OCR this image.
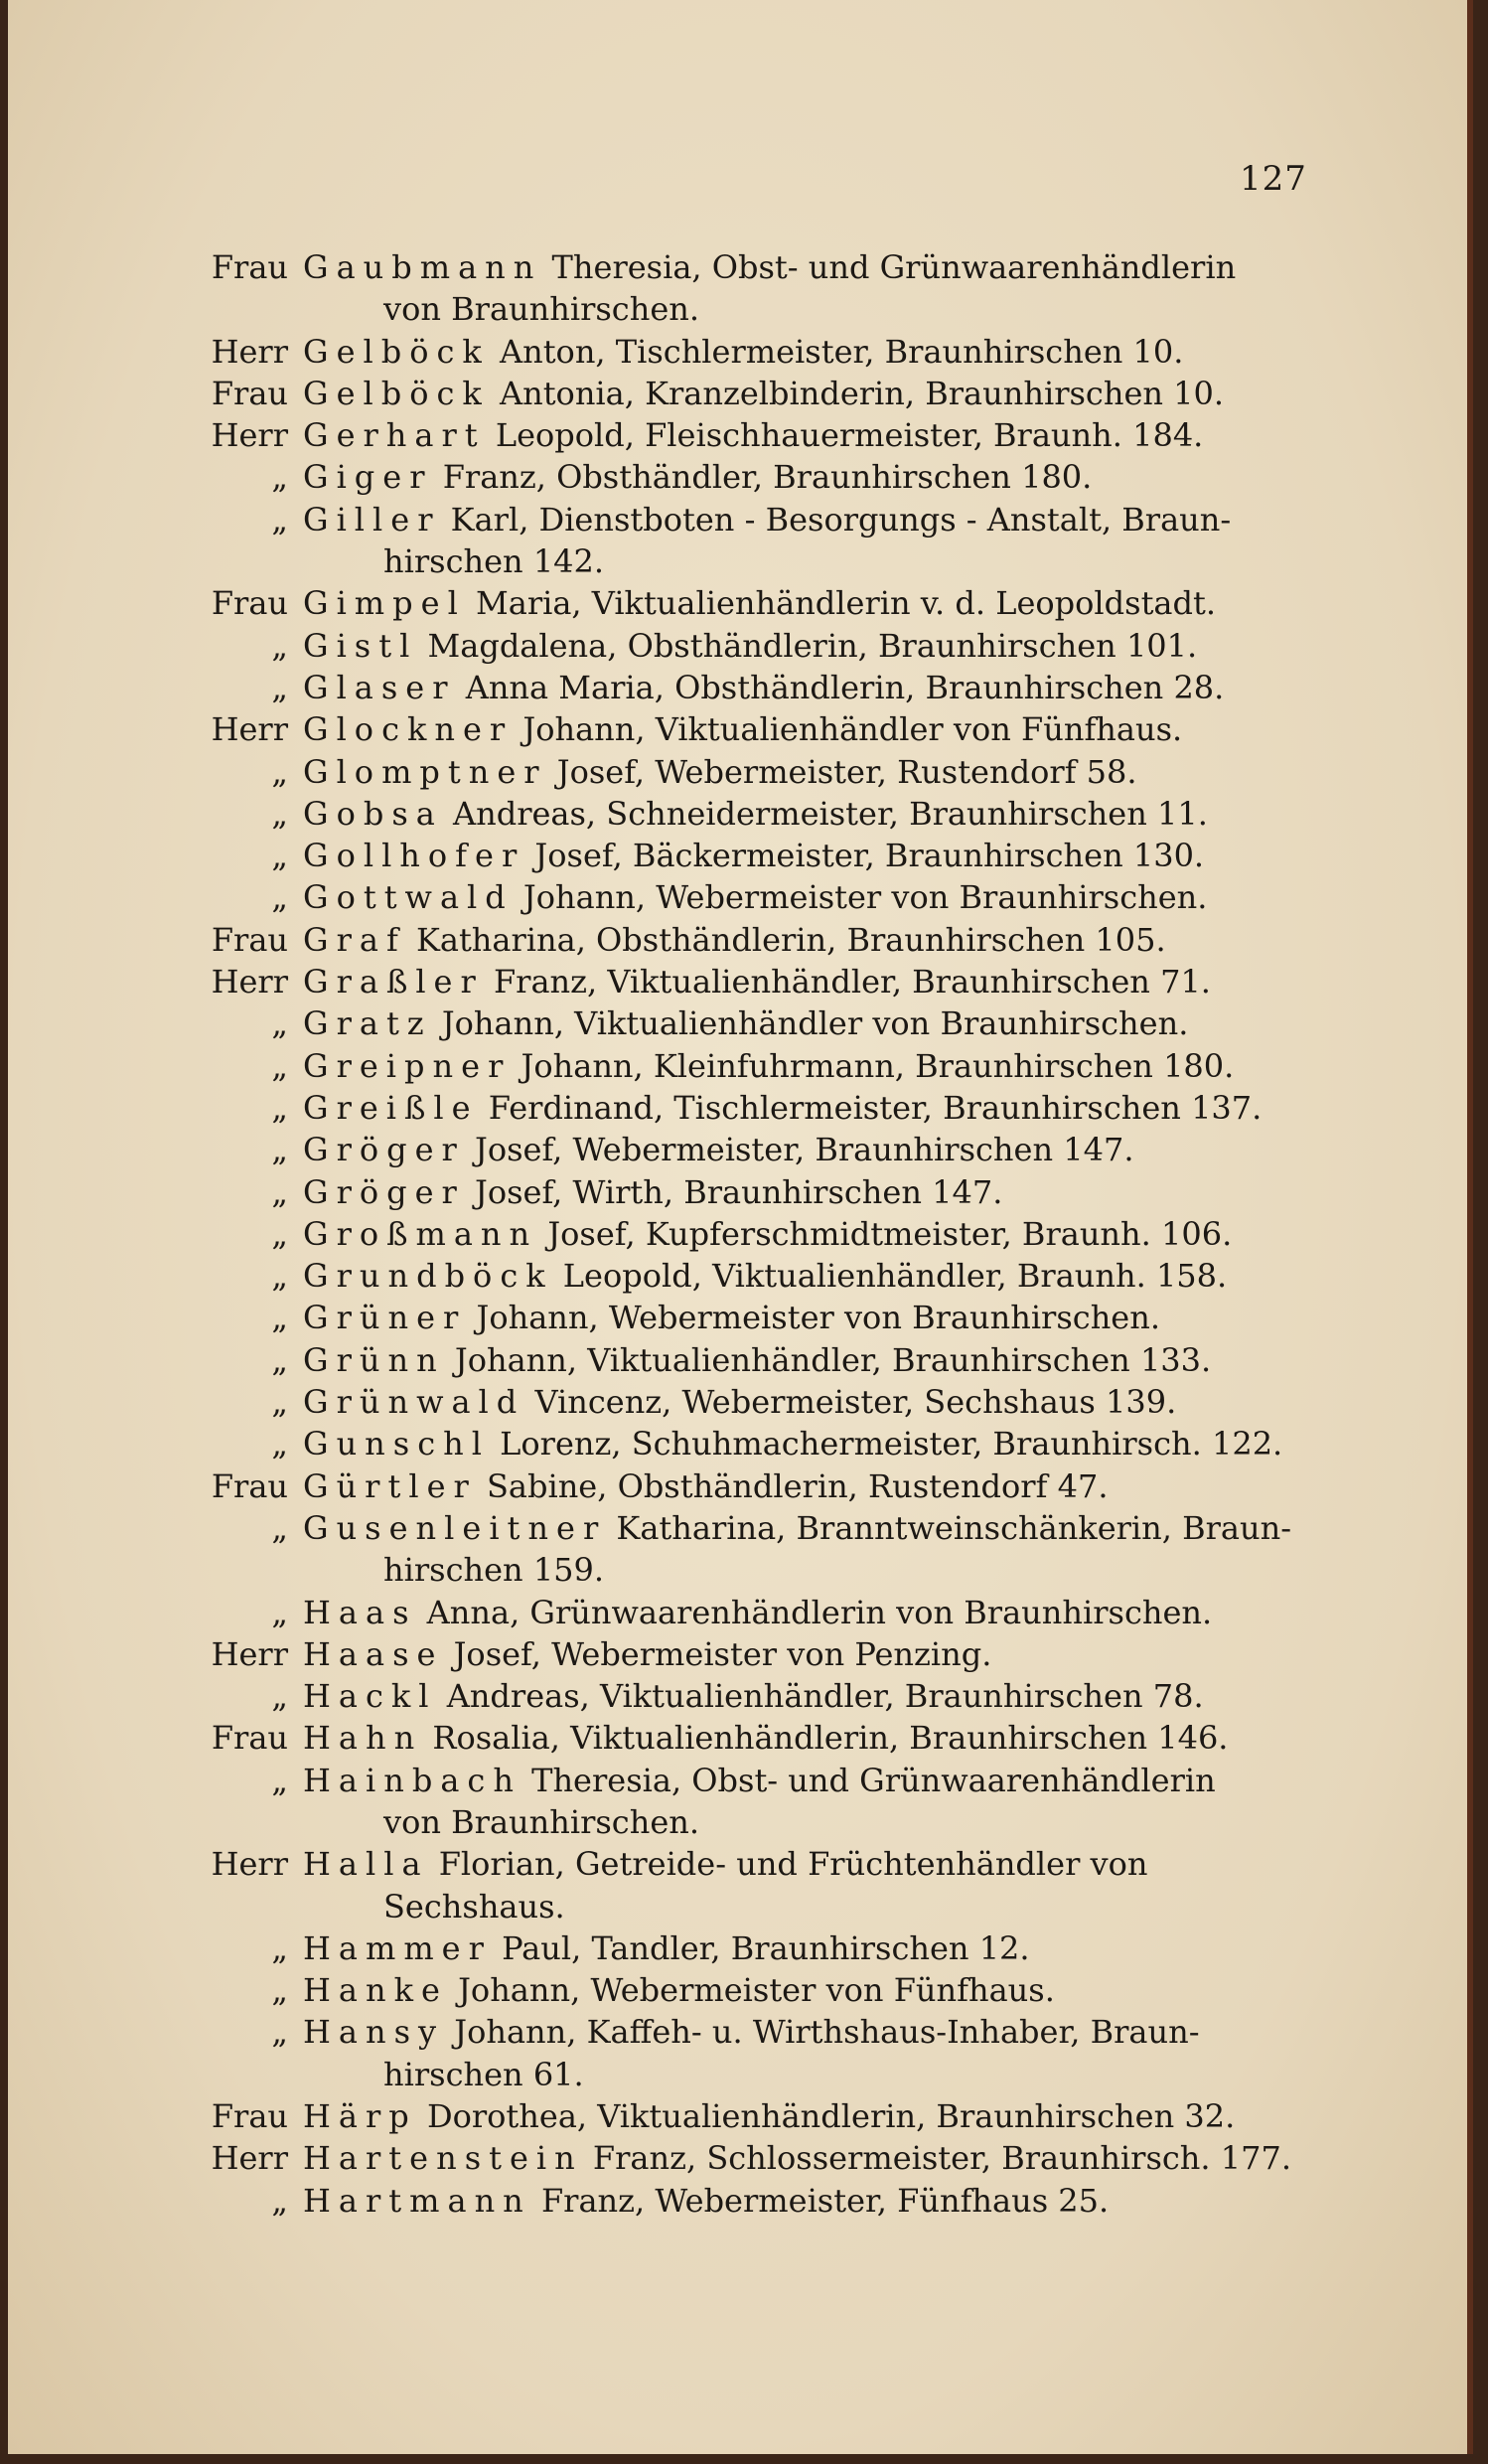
127
Frau Gaubmann Theresia, Obst- und Grünwaarenhändlerin
von Braunhirschen.
Herr Gelböck Anton, Tischlermeister, Braunhirschen 10.
Frau Gelböck Antonia, Kranzelbinderin, Braunhirschen 10.
Herr Gerhart Leopold, Fleischhauermeister, Braunh. 184.
„ Giger Franz, Obsthändler, Braunhirschen 180.
„ Giller Karl, Dienstboten - Besorgungs - Anstalt, Braun-
hirschen 142.
Frau Gimpel Maria, Viktualienhändlerin v. d. Leopoldstadt.
„ Gistl Magdalena, Obsthändlerin, Braunhirschen 101.
„ Glaser Anna Maria, Obsthändlerin, Braunhirschen 28.
Herr Glockner Johann, Viktualienhändler von Fünfhaus.
„ Glomptner Josef, Webermeister, Rustendorf 58.
„ Gobsa Andreas, Schneidermeister, Braunhirschen 11.
„ Gollhofer Josef, Bäckermeister, Braunhirschen 130.
„ Gottwald Johann, Webermeister von Braunhirschen.
Frau Graf Katharina, Obsthändlerin, Braunhirschen 105.
Herr Graßler Franz, Viktualienhändler, Braunhirschen 71.
„ Gratz Johann, Viktualienhändler von Braunhirschen.
„ Greipner Johann, Kleinfuhrmann, Braunhirschen 180.
„ Greißle Ferdinand, Tischlermeister, Braunhirschen 137.
„ Gröger Josef, Webermeister, Braunhirschen 147.
„ Gröger Josef, Wirth, Braunhirschen 147.
„ Großmann Josef, Kupferschmidtmeister, Braunh. 106.
„ Grundböck Leopold, Viktualienhändler, Braunh. 158.
„ Grüner Johann, Webermeister von Braunhirschen.
„ Grünn Johann, Viktualienhändler, Braunhirschen 133.
„ Grünwald Vincenz, Webermeister, Sechshaus 139.
„ Gunschl Lorenz, Schuhmachermeister, Braunhirsch. 122.
Frau Gürtler Sabine, Obsthändlerin, Rustendorf 47.
„ Gusenleitner Katharina, Branntweinschänkerin, Braun-
hirschen 159.
„ Haas Anna, Grünwaarenhändlerin von Braunhirschen.
Herr Haase Josef, Webermeister von Penzing.
„ Hackl Andreas, Viktualienhändler, Braunhirschen 78.
Frau Hahn Rosalia, Viktualienhändlerin, Braunhirschen 146.
„ Hainbach Theresia, Obst- und Grünwaarenhändlerin
von Braunhirschen.
Herr Halla Florian, Getreide- und Früchtenhändler von
Sechshaus.
„ Hammer Paul, Tandler, Braunhirschen 12.
„ Hanke Johann, Webermeister von Fünfhaus.
„ Hansy Johann, Kaffeh- u. Wirthshaus-Inhaber, Braun-
hirschen 61.
Frau Härp Dorothea, Viktualienhändlerin, Braunhirschen 32.
Herr Hartenstein Franz, Schlossermeister, Braunhirsch. 177.
„ Hartmann Franz, Webermeister, Fünfhaus 25.
